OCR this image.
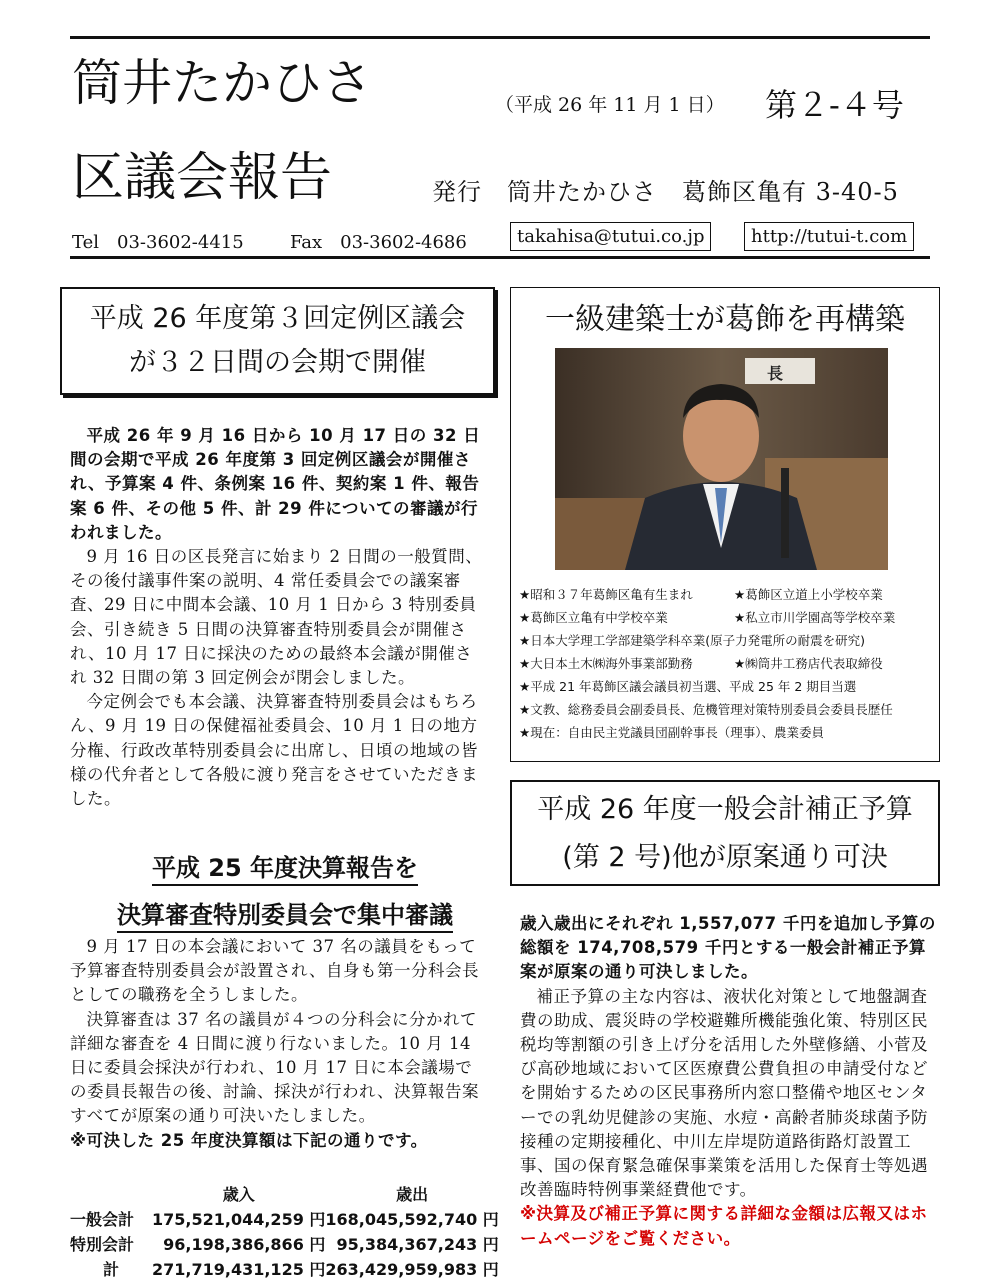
筒井たかひさ	（平成 26 年 11 月 1 日） 第２-４号
区議会報告	発行　筒井たかひさ　葛飾区亀有 3-40-5
Tel　03-3602-4415	Fax　03-3602-4686	takahisa@tutui.co.jp	http://tutui-t.com
平成 26 年度第３回定例区議会
が３２日間の会期で開催

平成 26 年 9 月 16 日から 10 月 17 日の 32 日間の会期で平成 26 年度第 3 回定例区議会が開催され、予算案 4 件、条例案 16 件、契約案 1 件、報告案 6 件、その他 5 件、計 29 件についての審議が行われました。

9 月 16 日の区長発言に始まり 2 日間の一般質問、その後付議事件案の説明、4 常任委員会での議案審査、29 日に中間本会議、10 月 1 日から 3 特別委員会、引き続き 5 日間の決算審査特別委員会が開催され、10 月 17 日に採決のための最終本会議が開催され 32 日間の第 3 回定例会が閉会しました。

今定例会でも本会議、決算審査特別委員会はもちろん、9 月 19 日の保健福祉委員会、10 月 1 日の地方分権、行政改革特別委員会に出席し、日頃の地域の皆様の代弁者として各般に渡り発言をさせていただきました。

平成 25 年度決算報告を
決算審査特別委員会で集中審議

9 月 17 日の本会議において 37 名の議員をもって予算審査特別委員会が設置され、自身も第一分科会長としての職務を全うしました。

決算審査は 37 名の議員が４つの分科会に分かれて詳細な審査を 4 日間に渡り行ないました。10 月 14 日に委員会採決が行われ、10 月 17 日に本会議場での委員長報告の後、討論、採決が行われ、決算報告案すべてが原案の通り可決いたしました。

※可決した 25 年度決算額は下記の通りです。

	歳入	歳出
一般会計	175,521,044,259 円	168,045,592,740 円
特別会計	96,198,386,866 円	95,384,367,243 円
計	271,719,431,125 円	263,429,959,983 円
一級建築士が葛飾を再構築
長
★昭和３７年葛飾区亀有生まれ	★葛飾区立道上小学校卒業
★葛飾区立亀有中学校卒業	★私立市川学園高等学校卒業
★日本大学理工学部建築学科卒業(原子力発電所の耐震を研究)
★大日本土木㈱海外事業部勤務	★㈱筒井工務店代表取締役
★平成 21 年葛飾区議会議員初当選、平成 25 年 2 期目当選
★文教、総務委員会副委員長、危機管理対策特別委員会委員長歴任
★現在：自由民主党議員団副幹事長（理事）、農業委員
平成 26 年度一般会計補正予算
(第 2 号)他が原案通り可決

歳入歳出にそれぞれ 1,557,077 千円を追加し予算の総額を 174,708,579 千円とする一般会計補正予算案が原案の通り可決しました。

補正予算の主な内容は、液状化対策として地盤調査費の助成、震災時の学校避難所機能強化策、特別区民税均等割額の引き上げ分を活用した外壁修繕、小菅及び高砂地域において区医療費公費負担の申請受付などを開始するための区民事務所内窓口整備や地区センターでの乳幼児健診の実施、水痘・高齢者肺炎球菌予防接種の定期接種化、中川左岸堤防道路街路灯設置工事、国の保育緊急確保事業策を活用した保育士等処遇改善臨時特例事業経費他です。

※決算及び補正予算に関する詳細な金額は広報又はホームページをご覧ください。
